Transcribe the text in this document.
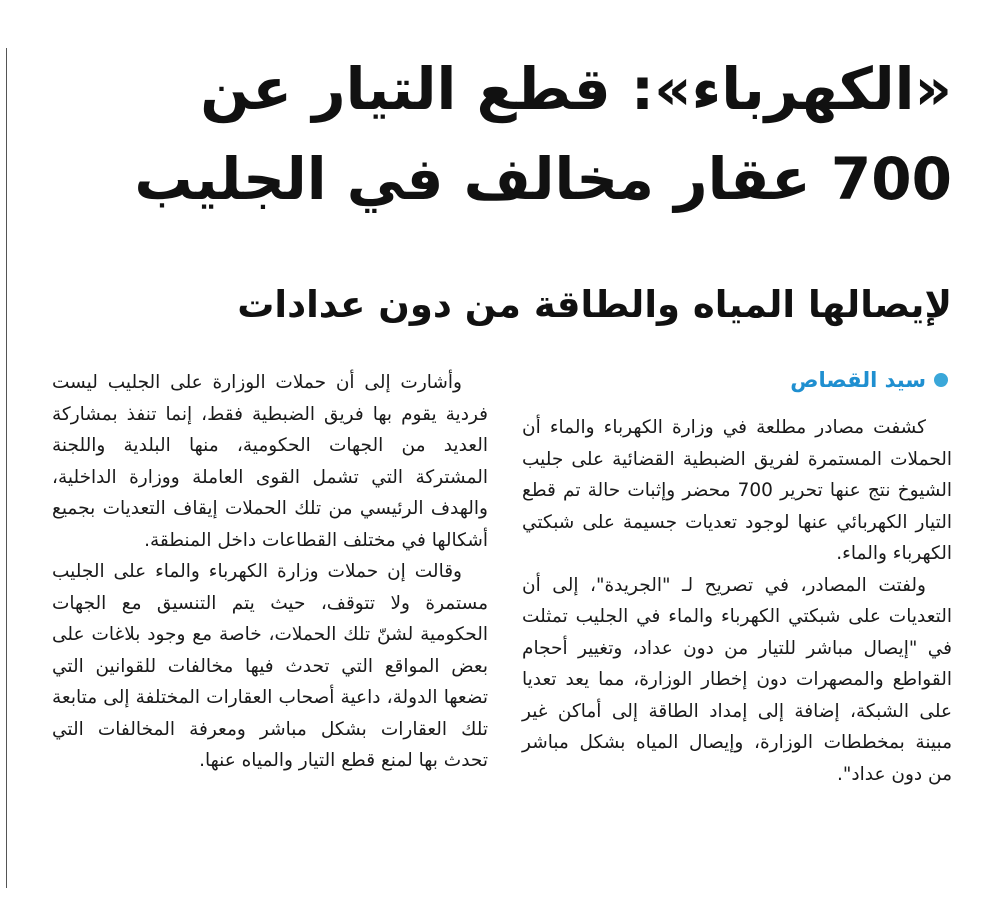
«الكهرباء»: قطع التيار عن 700 عقار مخالف في الجليب
لإيصالها المياه والطاقة من دون عدادات
سيد القصاص

كشفت مصادر مطلعة في وزارة الكهرباء والماء أن الحملات المستمرة لفريق الضبطية القضائية على جليب الشيوخ نتج عنها تحرير 700 محضر وإثبات حالة تم قطع التيار الكهربائي عنها لوجود تعديات جسيمة على شبكتي الكهرباء والماء.

ولفتت المصادر، في تصريح لـ "الجريدة"، إلى أن التعديات على شبكتي الكهرباء والماء في الجليب تمثلت في "إيصال مباشر للتيار من دون عداد، وتغيير أحجام القواطع والمصهرات دون إخطار الوزارة، مما يعد تعديا على الشبكة، إضافة إلى إمداد الطاقة إلى أماكن غير مبينة بمخططات الوزارة، وإيصال المياه بشكل مباشر من دون عداد".

وأشارت إلى أن حملات الوزارة على الجليب ليست فردية يقوم بها فريق الضبطية فقط، إنما تنفذ بمشاركة العديد من الجهات الحكومية، منها البلدية واللجنة المشتركة التي تشمل القوى العاملة ووزارة الداخلية، والهدف الرئيسي من تلك الحملات إيقاف التعديات بجميع أشكالها في مختلف القطاعات داخل المنطقة.

وقالت إن حملات وزارة الكهرباء والماء على الجليب مستمرة ولا تتوقف، حيث يتم التنسيق مع الجهات الحكومية لشنّ تلك الحملات، خاصة مع وجود بلاغات على بعض المواقع التي تحدث فيها مخالفات للقوانين التي تضعها الدولة، داعية أصحاب العقارات المختلفة إلى متابعة تلك العقارات بشكل مباشر ومعرفة المخالفات التي تحدث بها لمنع قطع التيار والمياه عنها.
